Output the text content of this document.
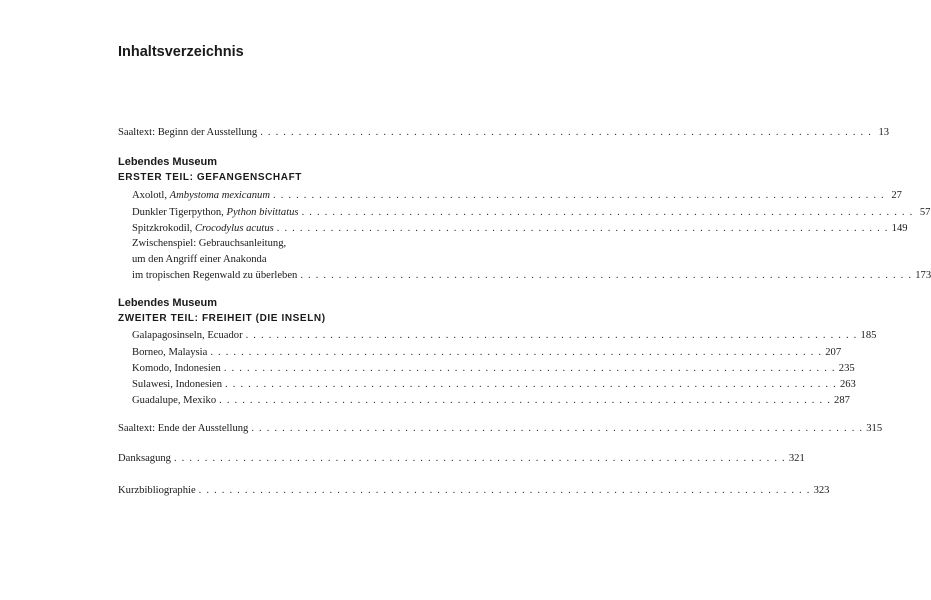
Inhaltsverzeichnis
Saaltext: Beginn der Ausstellung . . . . . . . . . . . . . . . . . . . . . . . . . . . . . . . . . . . . . . . . . . . . . . . . . . . . . . . . . . . . . . . . . . . . . . . . . . . . . . . . 13
Lebendes Museum
ERSTER TEIL: GEFANGENSCHAFT
Axolotl, Ambystoma mexicanum . . . . . . . . . . . . . . . . . . . . . . . . . . . . . . . . . . . . . . . . . . . . . . . . . . . . . . . . . . . . . . . . . . . . . . . . . . . . . . . . 27
Dunkler Tigerpython, Python bivittatus . . . . . . . . . . . . . . . . . . . . . . . . . . . . . . . . . . . . . . . . . . . . . . . . . . . . . . . . . . . . . . . . . . . . . . . . . . . . . . . . 57
Spitzkrokodil, Crocodylus acutus . . . . . . . . . . . . . . . . . . . . . . . . . . . . . . . . . . . . . . . . . . . . . . . . . . . . . . . . . . . . . . . . . . . . . . . . . . . . . . . . 149
Zwischenspiel: Gebrauchsanleitung,
um den Angriff einer Anakonda
im tropischen Regenwald zu überleben . . . . . . . . . . . . . . . . . . . . . . . . . . . . . . . . . . . . . . . . . . . . . . . . . . . . . . . . . . . . . . . . . . . . . . . . . . . . . . . . 173
Lebendes Museum
ZWEITER TEIL: FREIHEIT (DIE INSELN)
Galapagosinseln, Ecuador . . . . . . . . . . . . . . . . . . . . . . . . . . . . . . . . . . . . . . . . . . . . . . . . . . . . . . . . . . . . . . . . . . . . . . . . . . . . . . . . 185
Borneo, Malaysia . . . . . . . . . . . . . . . . . . . . . . . . . . . . . . . . . . . . . . . . . . . . . . . . . . . . . . . . . . . . . . . . . . . . . . . . . . . . . . . . 207
Komodo, Indonesien . . . . . . . . . . . . . . . . . . . . . . . . . . . . . . . . . . . . . . . . . . . . . . . . . . . . . . . . . . . . . . . . . . . . . . . . . . . . . . . . 235
Sulawesi, Indonesien . . . . . . . . . . . . . . . . . . . . . . . . . . . . . . . . . . . . . . . . . . . . . . . . . . . . . . . . . . . . . . . . . . . . . . . . . . . . . . . . 263
Guadalupe, Mexiko . . . . . . . . . . . . . . . . . . . . . . . . . . . . . . . . . . . . . . . . . . . . . . . . . . . . . . . . . . . . . . . . . . . . . . . . . . . . . . . . 287
Saaltext: Ende der Ausstellung . . . . . . . . . . . . . . . . . . . . . . . . . . . . . . . . . . . . . . . . . . . . . . . . . . . . . . . . . . . . . . . . . . . . . . . . . . . . . . . . 315
Danksagung . . . . . . . . . . . . . . . . . . . . . . . . . . . . . . . . . . . . . . . . . . . . . . . . . . . . . . . . . . . . . . . . . . . . . . . . . . . . . . . . 321
Kurzbibliographie . . . . . . . . . . . . . . . . . . . . . . . . . . . . . . . . . . . . . . . . . . . . . . . . . . . . . . . . . . . . . . . . . . . . . . . . . . . . . . . . 323
